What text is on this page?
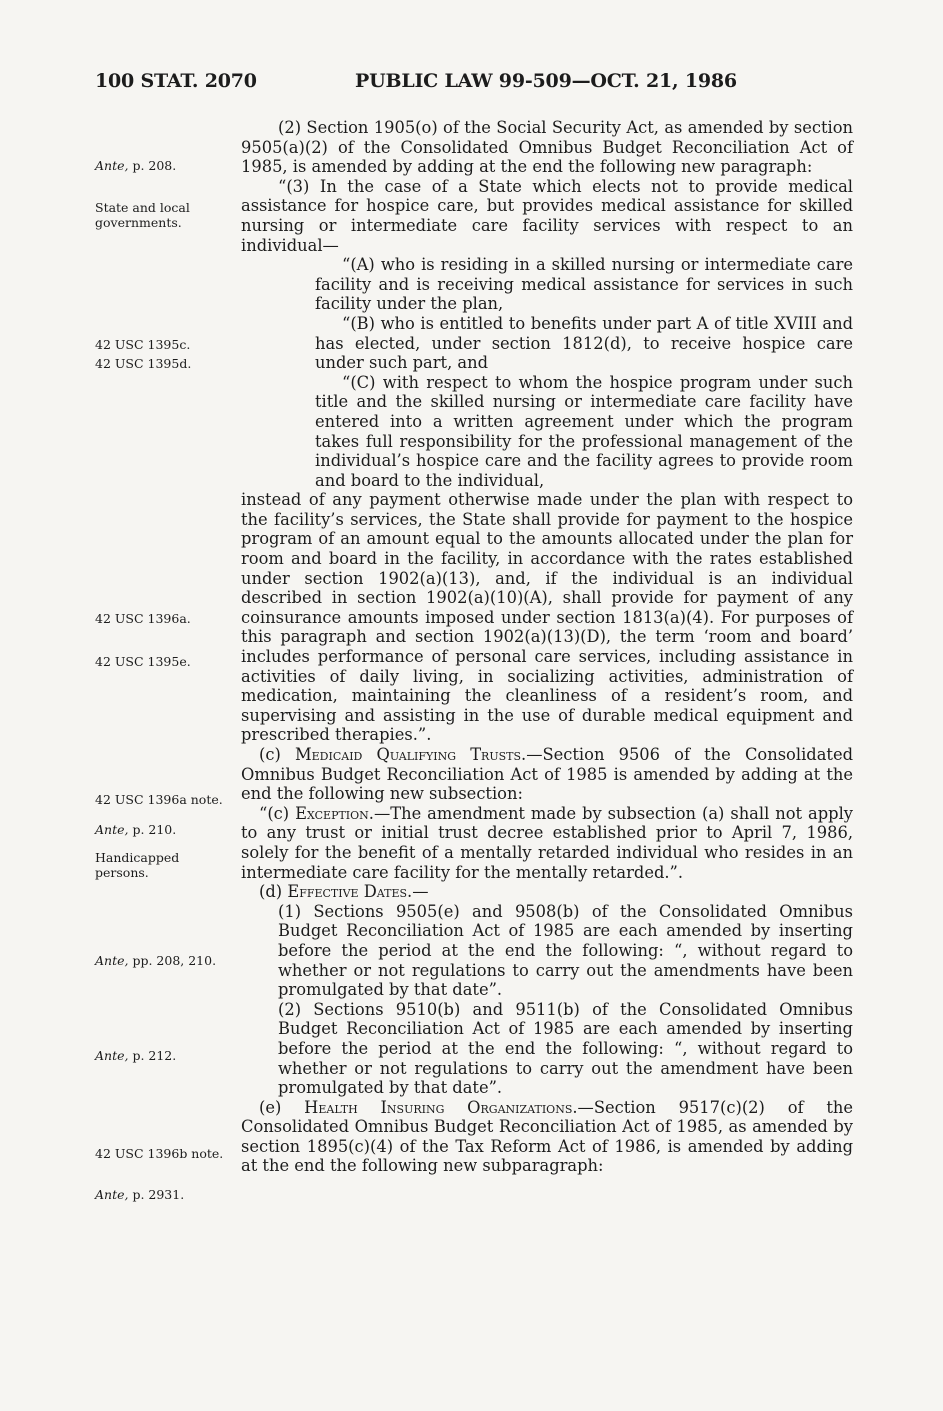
100 STAT. 2070	PUBLIC LAW 99-509—OCT. 21, 1986
Ante, p. 208.
State and local governments.
42 USC 1395c.
42 USC 1395d.
42 USC 1396a.
42 USC 1395e.
42 USC 1396a note.
Ante, p. 210.
Handicapped persons.
Ante, pp. 208, 210.
Ante, p. 212.
42 USC 1396b note.
Ante, p. 2931.

(2) Section 1905(o) of the Social Security Act, as amended by section 9505(a)(2) of the Consolidated Omnibus Budget Reconciliation Act of 1985, is amended by adding at the end the following new paragraph:

“(3) In the case of a State which elects not to provide medical assistance for hospice care, but provides medical assistance for skilled nursing or intermediate care facility services with respect to an individual—

“(A) who is residing in a skilled nursing or intermediate care facility and is receiving medical assistance for services in such facility under the plan,

“(B) who is entitled to benefits under part A of title XVIII and has elected, under section 1812(d), to receive hospice care under such part, and

“(C) with respect to whom the hospice program under such title and the skilled nursing or intermediate care facility have entered into a written agreement under which the program takes full responsibility for the professional management of the individual’s hospice care and the facility agrees to provide room and board to the individual,

instead of any payment otherwise made under the plan with respect to the facility’s services, the State shall provide for payment to the hospice program of an amount equal to the amounts allocated under the plan for room and board in the facility, in accordance with the rates established under section 1902(a)(13), and, if the individual is an individual described in section 1902(a)(10)(A), shall provide for payment of any coinsurance amounts imposed under section 1813(a)(4). For purposes of this paragraph and section 1902(a)(13)(D), the term ‘room and board’ includes performance of personal care services, including assistance in activities of daily living, in socializing activities, administration of medication, maintaining the cleanliness of a resident’s room, and supervising and assisting in the use of durable medical equipment and prescribed therapies.”.

(c) Medicaid Qualifying Trusts.—Section 9506 of the Consolidated Omnibus Budget Reconciliation Act of 1985 is amended by adding at the end the following new subsection:

“(c) Exception.—The amendment made by subsection (a) shall not apply to any trust or initial trust decree established prior to April 7, 1986, solely for the benefit of a mentally retarded individual who resides in an intermediate care facility for the mentally retarded.”.

(d) Effective Dates.—

(1) Sections 9505(e) and 9508(b) of the Consolidated Omnibus Budget Reconciliation Act of 1985 are each amended by inserting before the period at the end the following: “, without regard to whether or not regulations to carry out the amendments have been promulgated by that date”.

(2) Sections 9510(b) and 9511(b) of the Consolidated Omnibus Budget Reconciliation Act of 1985 are each amended by inserting before the period at the end the following: “, without regard to whether or not regulations to carry out the amendment have been promulgated by that date”.

(e) Health Insuring Organizations.—Section 9517(c)(2) of the Consolidated Omnibus Budget Reconciliation Act of 1985, as amended by section 1895(c)(4) of the Tax Reform Act of 1986, is amended by adding at the end the following new subparagraph:
